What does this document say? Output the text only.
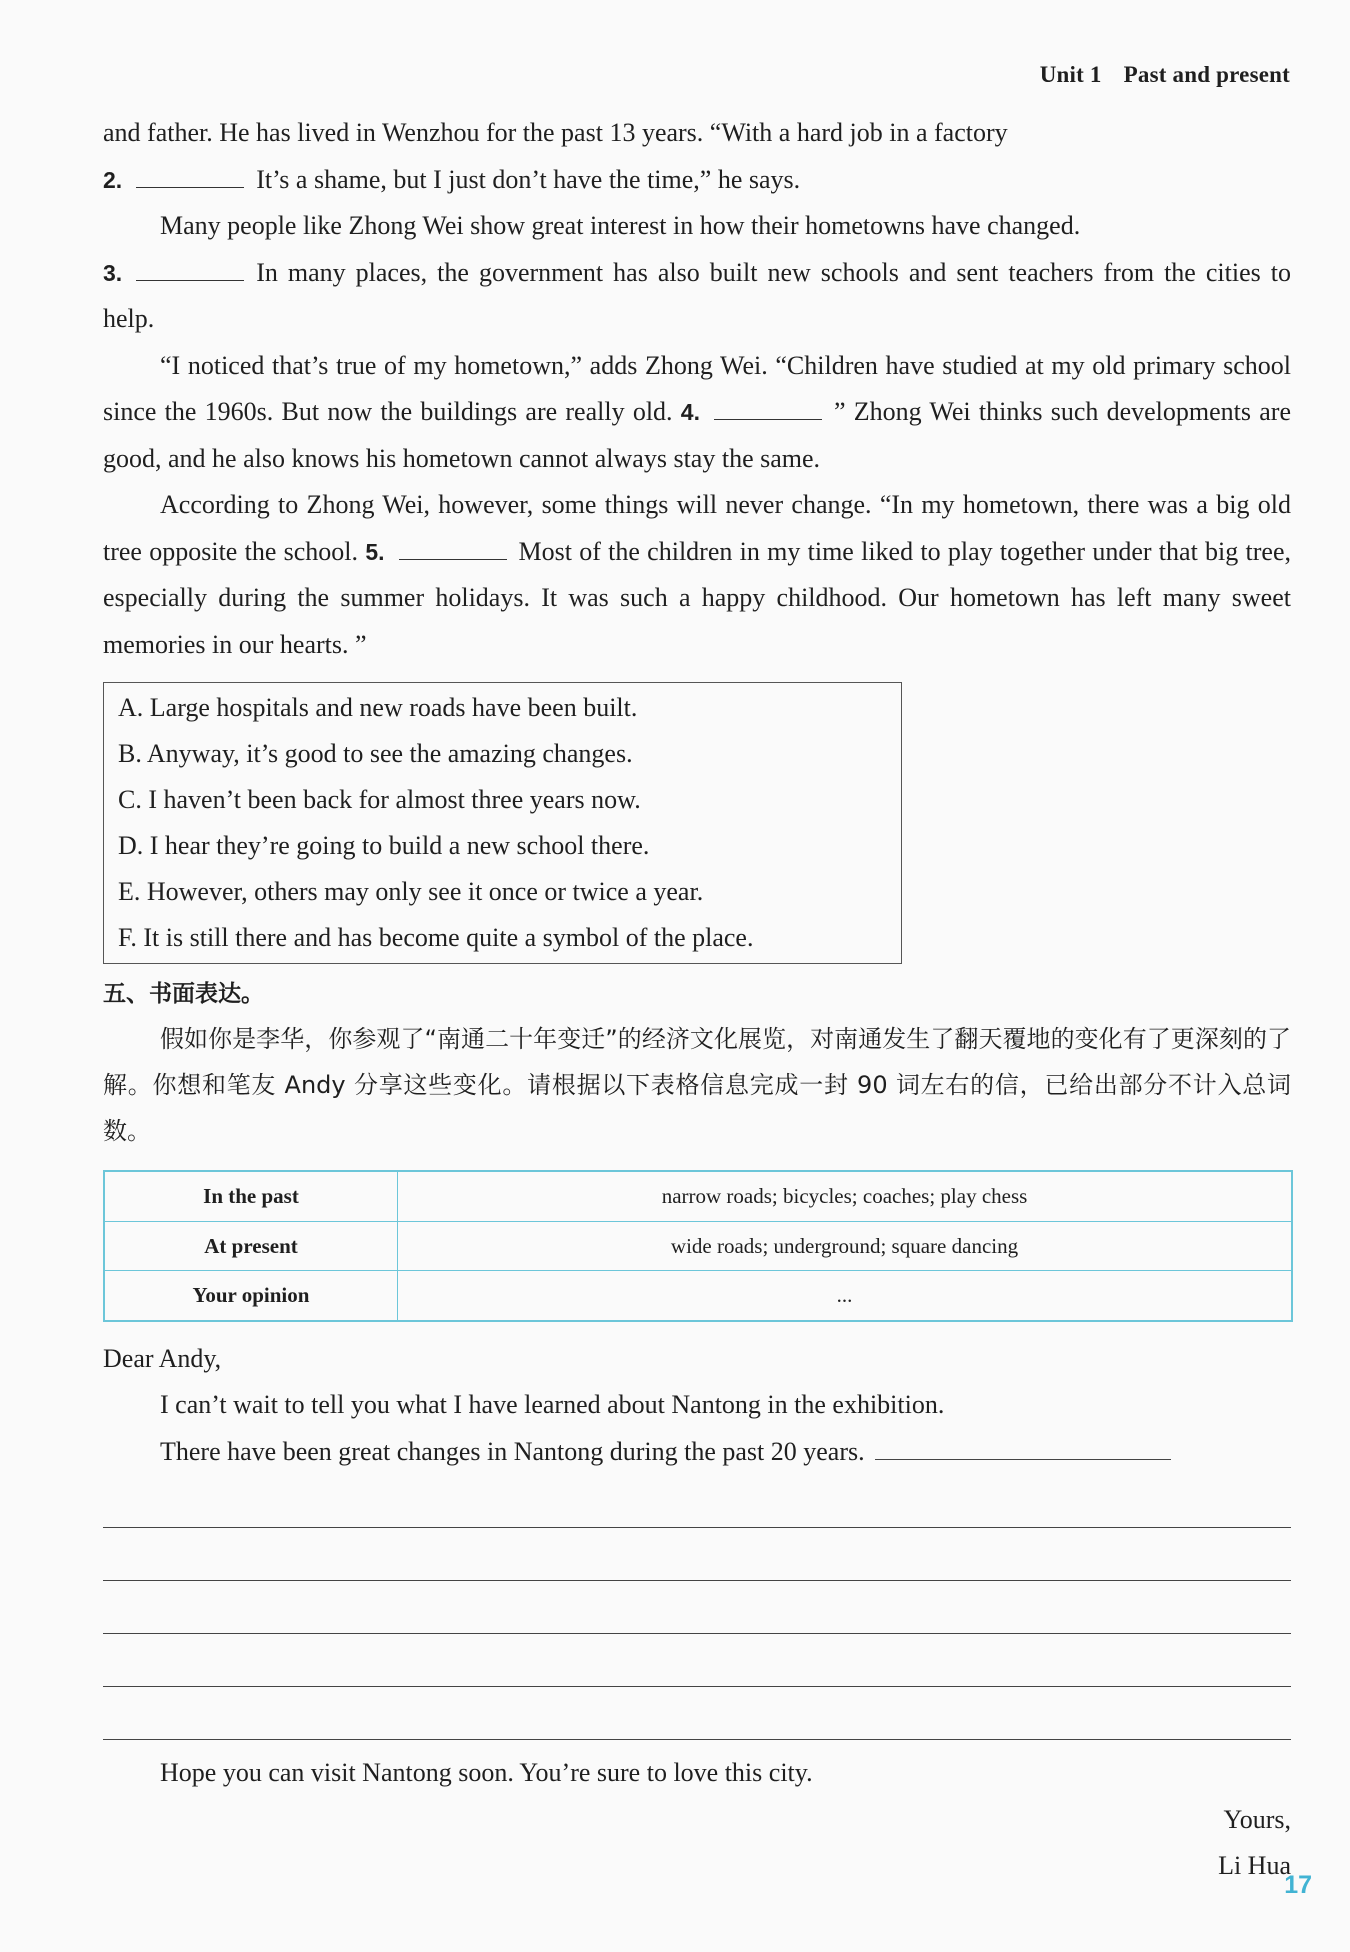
Unit 1 Past and present

and father. He has lived in Wenzhou for the past 13 years. “With a hard job in a factory
2.	It’s a shame, but I just don’t have the time,” he says.

Many people like Zhong Wei show great interest in how their hometowns have changed.

3.	In many places, the government has also built new schools and sent teachers from the cities to help.

“I noticed that’s true of my hometown,” adds Zhong Wei. “Children have studied at my old primary school since the 1960s. But now the buildings are really old. 4.	” Zhong Wei thinks such developments are good, and he also knows his hometown cannot always stay the same.

According to Zhong Wei, however, some things will never change. “In my hometown, there was a big old tree opposite the school. 5.	Most of the children in my time liked to play together under that big tree, especially during the summer holidays. It was such a happy childhood. Our hometown has left many sweet memories in our hearts. ”

A. Large hospitals and new roads have been built.
B. Anyway, it’s good to see the amazing changes.
C. I haven’t been back for almost three years now.
D. I hear they’re going to build a new school there.
E. However, others may only see it once or twice a year.
F. It is still there and has become quite a symbol of the place.
五、书面表达。

假如你是李华，你参观了“南通二十年变迁”的经济文化展览，对南通发生了翻天覆地的变化有了更深刻的了解。你想和笔友 Andy 分享这些变化。请根据以下表格信息完成一封 90 词左右的信，已给出部分不计入总词数。

In the past	narrow roads; bicycles; coaches; play chess
At present	wide roads; underground; square dancing
Your opinion	...

Dear Andy,

I can’t wait to tell you what I have learned about Nantong in the exhibition.

There have been great changes in Nantong during the past 20 years.

Hope you can visit Nantong soon. You’re sure to love this city.

Yours,

Li Hua

17
